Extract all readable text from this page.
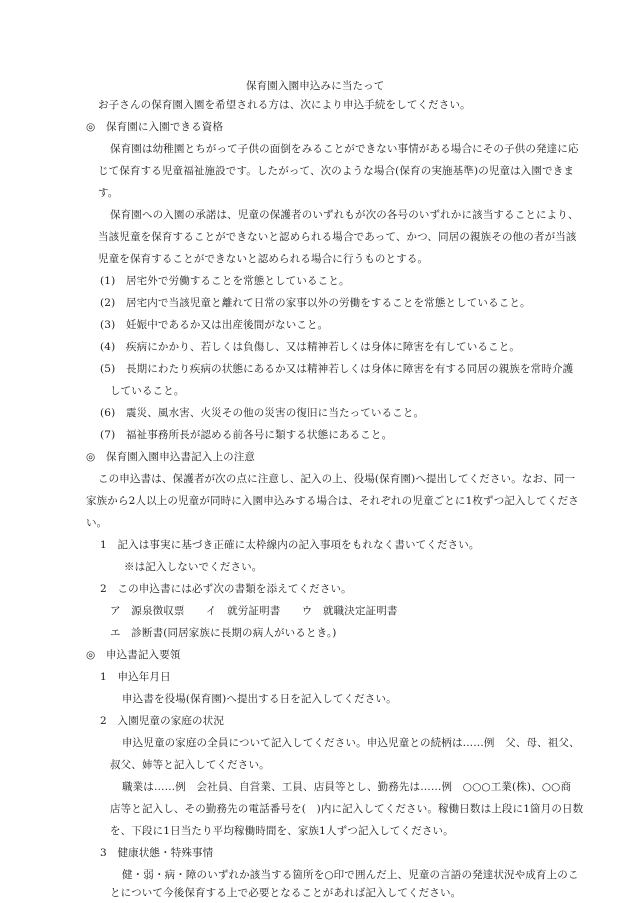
保育園入園申込みに当たって
お子さんの保育園入園を希望される方は、次により申込手続をしてください。
◎　保育園に入園できる資格
保育園は幼稚園とちがって子供の面倒をみることができない事情がある場合にその子供の発達に応
じて保育する児童福祉施設です。したがって、次のような場合(保育の実施基準)の児童は入園できま
す。
保育園への入園の承諾は、児童の保護者のいずれもが次の各号のいずれかに該当することにより、
当該児童を保育することができないと認められる場合であって、かつ、同居の親族その他の者が当該
児童を保育することができないと認められる場合に行うものとする。
(1)　居宅外で労働することを常態としていること。
(2)　居宅内で当該児童と離れて日常の家事以外の労働をすることを常態としていること。
(3)　妊娠中であるか又は出産後間がないこと。
(4)　疾病にかかり、若しくは負傷し、又は精神若しくは身体に障害を有していること。
(5)　長期にわたり疾病の状態にあるか又は精神若しくは身体に障害を有する同居の親族を常時介護
していること。
(6)　震災、風水害、火災その他の災害の復旧に当たっていること。
(7)　福祉事務所長が認める前各号に類する状態にあること。
◎　保育園入園申込書記入上の注意
この申込書は、保護者が次の点に注意し、記入の上、役場(保育園)へ提出してください。なお、同一
家族から2人以上の児童が同時に入園申込みする場合は、それぞれの児童ごとに1枚ずつ記入してくださ
い。
1　記入は事実に基づき正確に太枠線内の記入事項をもれなく書いてください。
※は記入しないでください。
2　この申込書には必ず次の書類を添えてください。
ア　源泉徴収票　　イ　就労証明書　　ウ　就職決定証明書
エ　診断書(同居家族に長期の病人がいるとき。)
◎　申込書記入要領
1　申込年月日
申込書を役場(保育園)へ提出する日を記入してください。
2　入園児童の家庭の状況
申込児童の家庭の全員について記入してください。申込児童との続柄は……例　父、母、祖父、
叔父、姉等と記入してください。
職業は……例　会社員、自営業、工員、店員等とし、勤務先は……例　○○○工業(株)、○○商
店等と記入し、その勤務先の電話番号を(　)内に記入してください。稼働日数は上段に1箇月の日数
を、下段に1日当たり平均稼働時間を、家族1人ずつ記入してください。
3　健康状態・特殊事情
健・弱・病・障のいずれか該当する箇所を○印で囲んだ上、児童の言語の発達状況や成育上のこ
とについて今後保育する上で必要となることがあれば記入してください。
